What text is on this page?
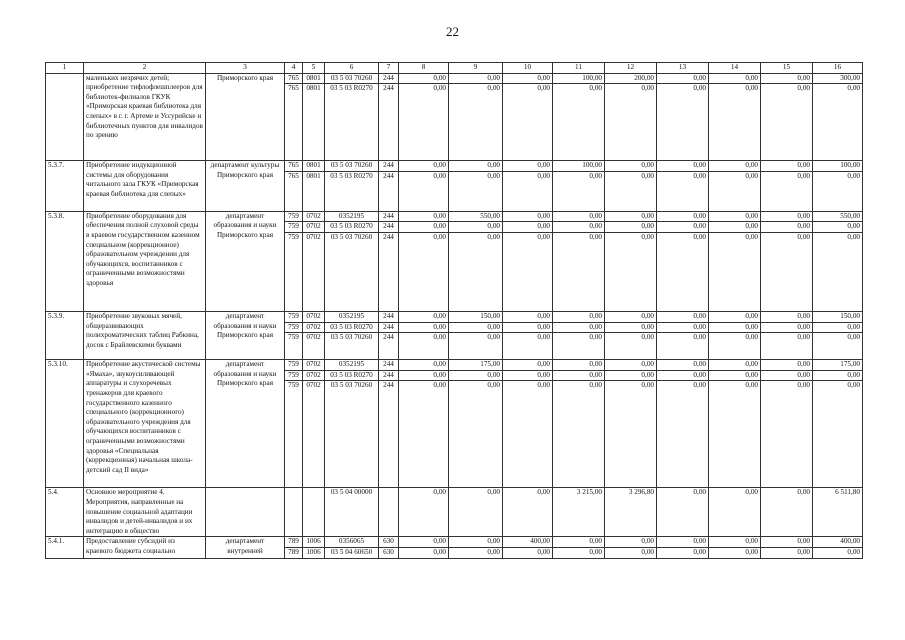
22
1	2	3	4	5	6	7	8	9	10	11	12	13	14	15	16
	маленьких незрячих детей; приобретение тифлофлешплееров для библиотек-филиалов ГКУК «Приморская краевая библиотека для слепых» в г. г. Артеме и Уссурийске и библиотечных пунктов для инвалидов по зрению	Приморского края	765	0801	03 5 03 70260	244	0,00	0,00	0,00	100,00	200,00	0,00	0,00	0,00	300,00
			765	0801	03 5 03 R0270	244	0,00	0,00	0,00	0,00	0,00	0,00	0,00	0,00	0,00
5.3.7.	Приобретение индукционной системы для оборудования читального зала ГКУК «Приморская краевая библиотека для слепых»	департамент культуры Приморского края	765	0801	03 5 03 70260	244	0,00	0,00	0,00	100,00	0,00	0,00	0,00	0,00	100,00
			765	0801	03 5 03 R0270	244	0,00	0,00	0,00	0,00	0,00	0,00	0,00	0,00	0,00
5.3.8.	Приобретение оборудования для обеспечения полной слуховой среды в краевом государственном казенном специальном (коррекционное) образовательном учреждении для обучающихся, воспитанников с ограниченными возможностями здоровья	департамент образования и науки Приморского края	759	0702	0352195	244	0,00	550,00	0,00	0,00	0,00	0,00	0,00	0,00	550,00
			759	0702	03 5 03 R0270	244	0,00	0,00	0,00	0,00	0,00	0,00	0,00	0,00	0,00
			759	0702	03 5 03 70260	244	0,00	0,00	0,00	0,00	0,00	0,00	0,00	0,00	0,00
5.3.9.	Приобретение звуковых мячей, общеразвивающих полихроматических таблиц Рабкина, досок с Брайлевскими буквами	департамент образования и науки Приморского края	759	0702	0352195	244	0,00	150,00	0,00	0,00	0,00	0,00	0,00	0,00	150,00
			759	0702	03 5 03 R0270	244	0,00	0,00	0,00	0,00	0,00	0,00	0,00	0,00	0,00
			759	0702	03 5 03 70260	244	0,00	0,00	0,00	0,00	0,00	0,00	0,00	0,00	0,00
5.3.10.	Приобретение акустической системы «Ямаха», звукоусиливающей аппаратуры и слухоречевых тренажеров для краевого государственного казенного специального (коррекционного) образовательного учреждения для обучающихся воспитанников с ограниченными возможностями здоровья «Специальная (коррекционная) начальная школа-детский сад II вида»	департамент образования и науки Приморского края	759	0702	0352195	244	0,00	175,00	0,00	0,00	0,00	0,00	0,00	0,00	175,00
			759	0702	03 5 03 R0270	244	0,00	0,00	0,00	0,00	0,00	0,00	0,00	0,00	0,00
			759	0702	03 5 03 70260	244	0,00	0,00	0,00	0,00	0,00	0,00	0,00	0,00	0,00
5.4.	Основное мероприятие 4. Мероприятия, направленные на повышение социальной адаптации инвалидов и детей-инвалидов и их интеграцию в общество				03 5 04 00000		0,00	0,00	0,00	3 215,00	3 296,80	0,00	0,00	0,00	6 511,80
5.4.1.	Предоставление субсидий из краевого бюджета социально	департамент внутренней	789	1006	0356065	630	0,00	0,00	400,00	0,00	0,00	0,00	0,00	0,00	400,00
			789	1006	03 5 04 60650	630	0,00	0,00	0,00	0,00	0,00	0,00	0,00	0,00	0,00
